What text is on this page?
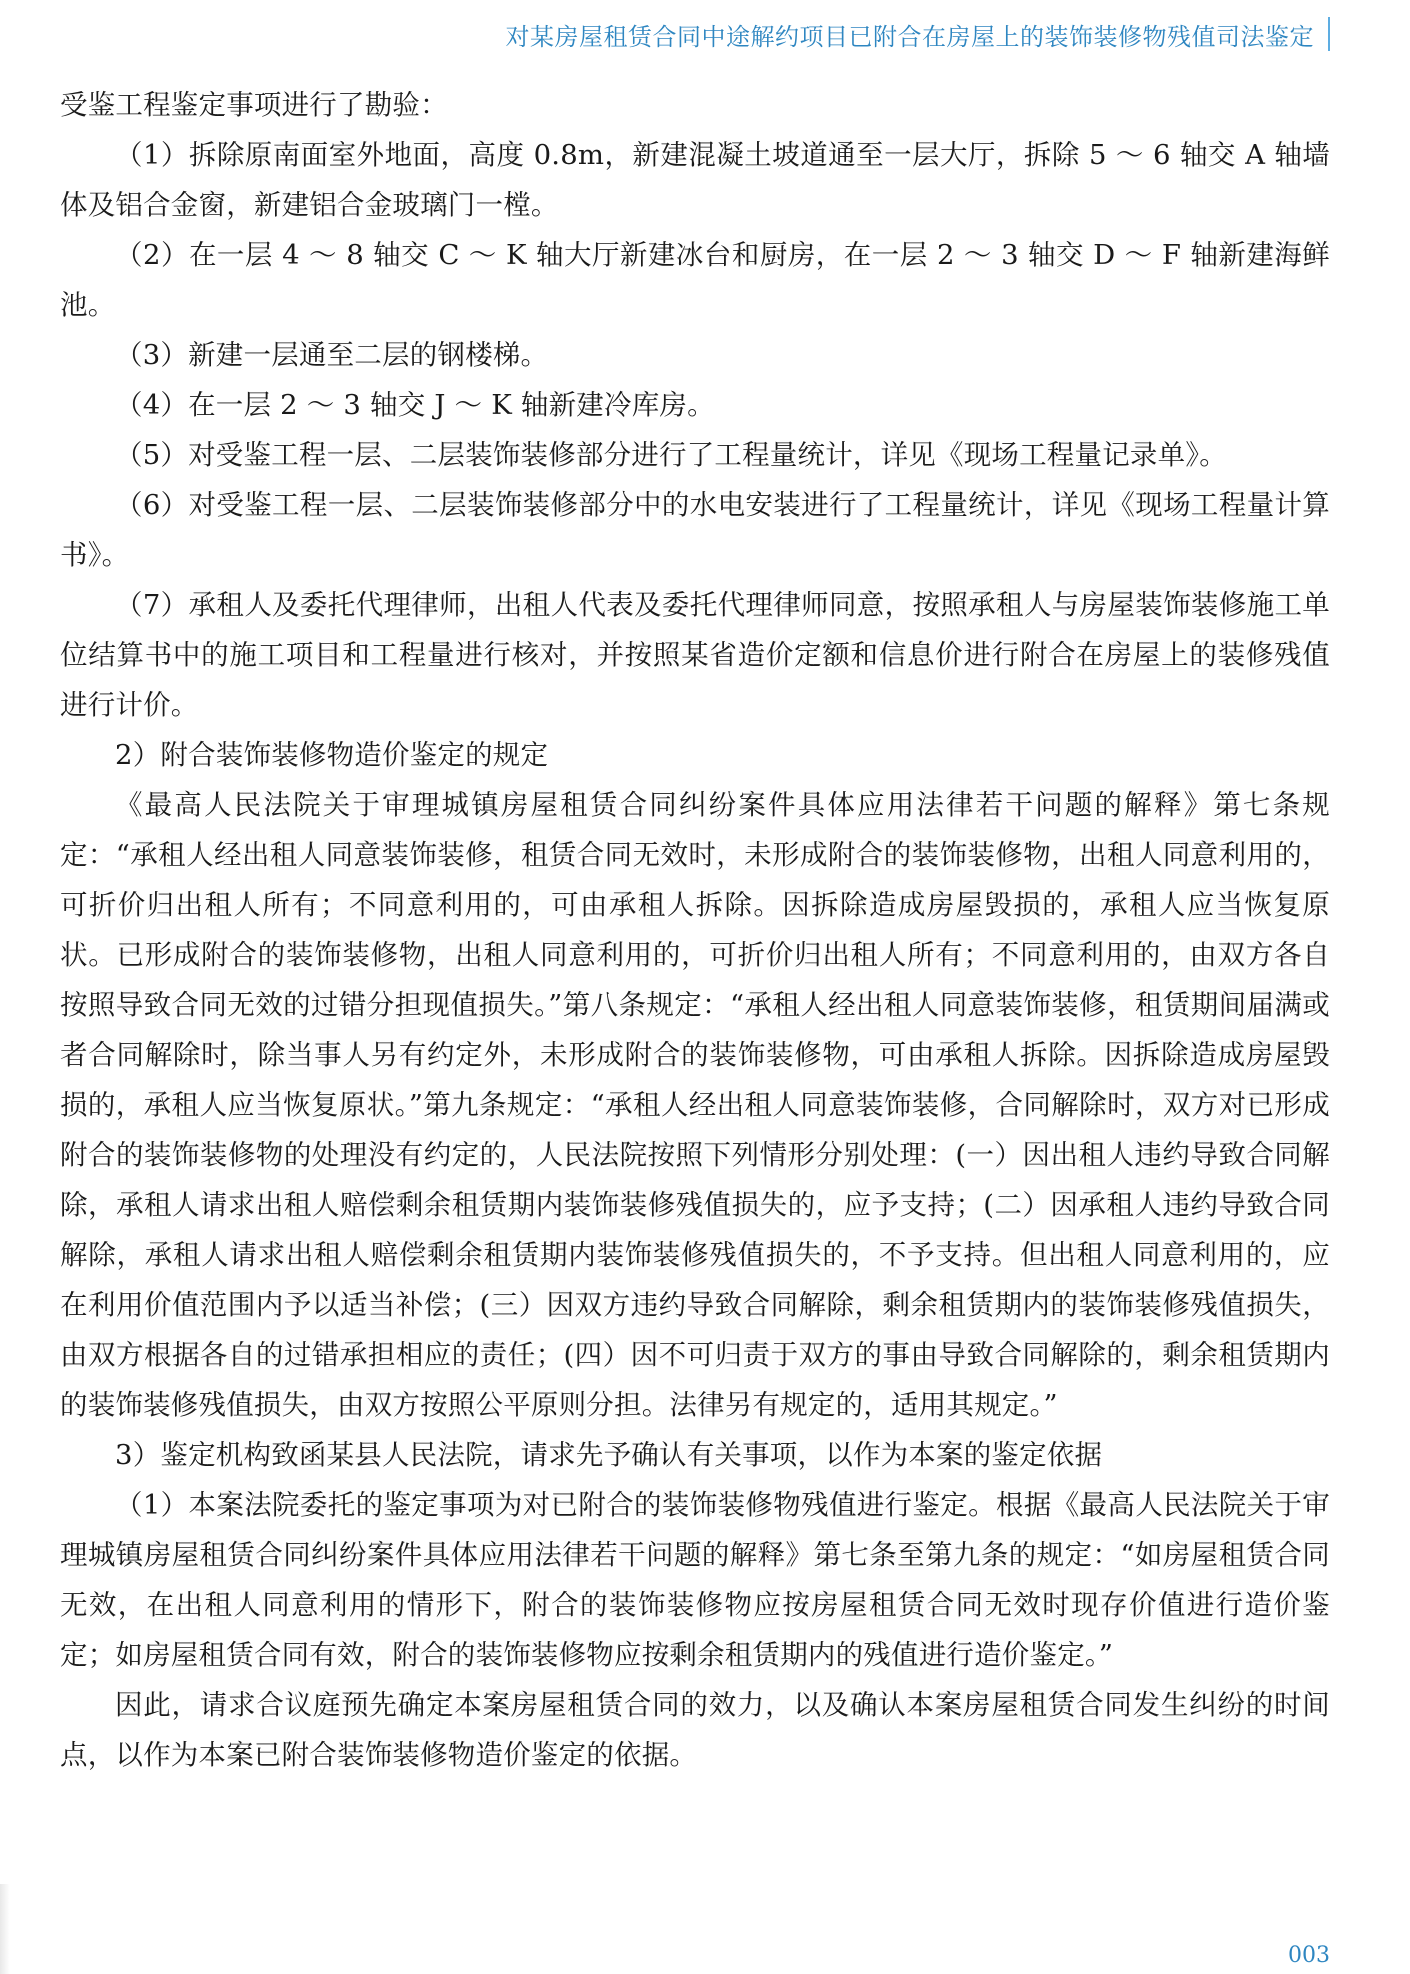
对某房屋租赁合同中途解约项目已附合在房屋上的装饰装修物残值司法鉴定

受鉴工程鉴定事项进行了勘验：

（1）拆除原南面室外地面，高度 0.8m，新建混凝土坡道通至一层大厅，拆除 5 ～ 6 轴交 A 轴墙体及铝合金窗，新建铝合金玻璃门一樘。

（2）在一层 4 ～ 8 轴交 C ～ K 轴大厅新建冰台和厨房，在一层 2 ～ 3 轴交 D ～ F 轴新建海鲜池。

（3）新建一层通至二层的钢楼梯。

（4）在一层 2 ～ 3 轴交 J ～ K 轴新建冷库房。

（5）对受鉴工程一层、二层装饰装修部分进行了工程量统计，详见《现场工程量记录单》。

（6）对受鉴工程一层、二层装饰装修部分中的水电安装进行了工程量统计，详见《现场工程量计算书》。

（7）承租人及委托代理律师，出租人代表及委托代理律师同意，按照承租人与房屋装饰装修施工单位结算书中的施工项目和工程量进行核对，并按照某省造价定额和信息价进行附合在房屋上的装修残值进行计价。

2）附合装饰装修物造价鉴定的规定

《最高人民法院关于审理城镇房屋租赁合同纠纷案件具体应用法律若干问题的解释》第七条规定：“承租人经出租人同意装饰装修，租赁合同无效时，未形成附合的装饰装修物，出租人同意利用的，可折价归出租人所有；不同意利用的，可由承租人拆除。因拆除造成房屋毁损的，承租人应当恢复原状。已形成附合的装饰装修物，出租人同意利用的，可折价归出租人所有；不同意利用的，由双方各自按照导致合同无效的过错分担现值损失。”第八条规定：“承租人经出租人同意装饰装修，租赁期间届满或者合同解除时，除当事人另有约定外，未形成附合的装饰装修物，可由承租人拆除。因拆除造成房屋毁损的，承租人应当恢复原状。”第九条规定：“承租人经出租人同意装饰装修，合同解除时，双方对已形成附合的装饰装修物的处理没有约定的，人民法院按照下列情形分别处理：(一）因出租人违约导致合同解除，承租人请求出租人赔偿剩余租赁期内装饰装修残值损失的，应予支持；(二）因承租人违约导致合同解除，承租人请求出租人赔偿剩余租赁期内装饰装修残值损失的，不予支持。但出租人同意利用的，应在利用价值范围内予以适当补偿；(三）因双方违约导致合同解除，剩余租赁期内的装饰装修残值损失，由双方根据各自的过错承担相应的责任；(四）因不可归责于双方的事由导致合同解除的，剩余租赁期内的装饰装修残值损失，由双方按照公平原则分担。法律另有规定的，适用其规定。”

3）鉴定机构致函某县人民法院，请求先予确认有关事项，以作为本案的鉴定依据

（1）本案法院委托的鉴定事项为对已附合的装饰装修物残值进行鉴定。根据《最高人民法院关于审理城镇房屋租赁合同纠纷案件具体应用法律若干问题的解释》第七条至第九条的规定：“如房屋租赁合同无效，在出租人同意利用的情形下，附合的装饰装修物应按房屋租赁合同无效时现存价值进行造价鉴定；如房屋租赁合同有效，附合的装饰装修物应按剩余租赁期内的残值进行造价鉴定。”

因此，请求合议庭预先确定本案房屋租赁合同的效力，以及确认本案房屋租赁合同发生纠纷的时间点，以作为本案已附合装饰装修物造价鉴定的依据。

003
